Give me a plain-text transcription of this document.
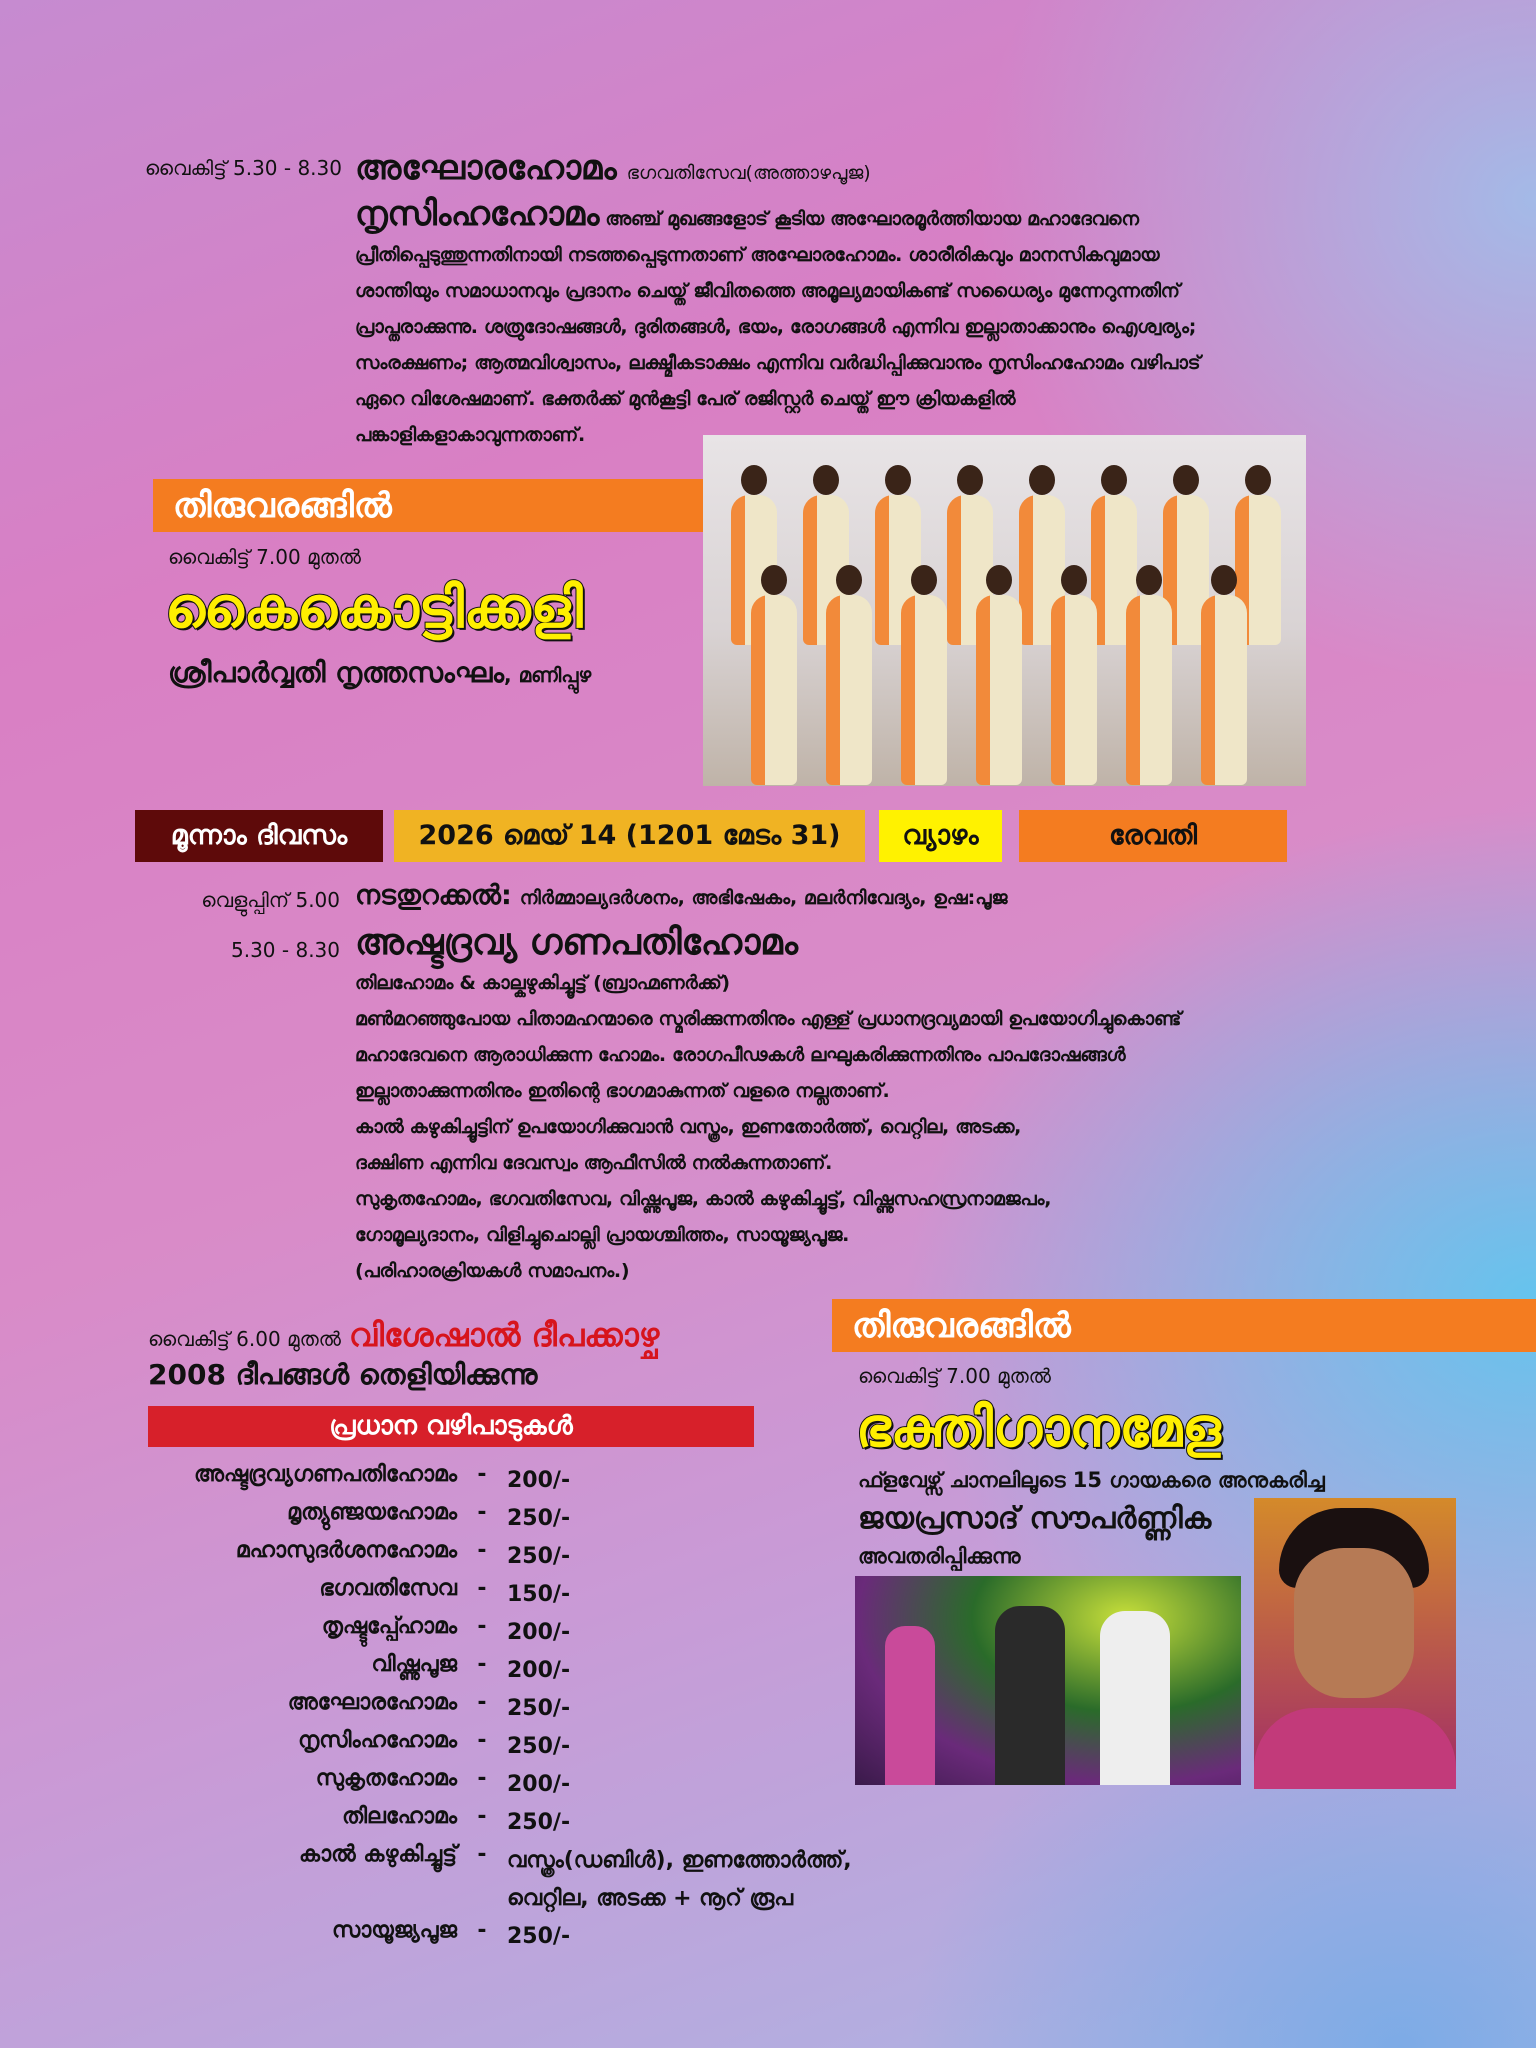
വൈകിട്ട് 5.30 - 8.30 അഘോരഹോമം ഭഗവതിസേവ(അത്താഴപൂജ)
നൃസിംഹഹോമം അഞ്ച് മുഖങ്ങളോട് കൂടിയ അഘോരമൂർത്തിയായ മഹാദേവനെ
പ്രീതിപ്പെടുത്തുന്നതിനായി നടത്തപ്പെടുന്നതാണ് അഘോരഹോമം. ശാരീരികവും മാനസികവുമായ
ശാന്തിയും സമാധാനവും പ്രദാനം ചെയ്ത് ജീവിതത്തെ അമൂല്യമായികണ്ട് സധൈര്യം മുന്നേറുന്നതിന്
പ്രാപ്തരാക്കുന്നു. ശത്രുദോഷങ്ങൾ, ദുരിതങ്ങൾ, ഭയം, രോഗങ്ങൾ എന്നിവ ഇല്ലാതാക്കാനും ഐശ്വര്യം;
സംരക്ഷണം; ആത്മവിശ്വാസം, ലക്ഷ്മീകടാക്ഷം എന്നിവ വർദ്ധിപ്പിക്കുവാനും നൃസിംഹഹോമം വഴിപാട്
ഏറെ വിശേഷമാണ്. ഭക്തർക്ക് മുൻകൂട്ടി പേര് രജിസ്റ്റർ ചെയ്ത് ഈ ക്രിയകളിൽ
പങ്കാളികളാകാവുന്നതാണ്.
തിരുവരങ്ങിൽ
വൈകിട്ട് 7.00 മുതൽ
കൈകൊട്ടിക്കളി
ശ്രീപാർവ്വതി നൃത്തസംഘം, മണിപ്പുഴ
മൂന്നാം ദിവസം	2026 മെയ് 14 (1201 മേടം 31)	വ്യാഴം	രേവതി
വെളുപ്പിന് 5.00 നടതുറക്കൽ: നിർമ്മാല്യദർശനം, അഭിഷേകം, മലർനിവേദ്യം, ഉഷ:പൂജ
5.30 - 8.30 അഷ്ടദ്രവ്യ ഗണപതിഹോമം
തിലഹോമം & കാല്കഴുകിച്ചൂട്ട് (ബ്രാഹ്മണർക്ക്)
മൺമറഞ്ഞുപോയ പിതാമഹന്മാരെ സ്മരിക്കുന്നതിനും എള്ള് പ്രധാനദ്രവ്യമായി ഉപയോഗിച്ചുകൊണ്ട്
മഹാദേവനെ ആരാധിക്കുന്ന ഹോമം. രോഗപീഢകൾ ലഘുകരിക്കുന്നതിനും പാപദോഷങ്ങൾ
ഇല്ലാതാക്കുന്നതിനും ഇതിന്റെ ഭാഗമാകുന്നത് വളരെ നല്ലതാണ്.
കാൽ കഴുകിച്ചൂട്ടിന് ഉപയോഗിക്കുവാൻ വസ്ത്രം, ഇണതോർത്ത്, വെറ്റില, അടക്ക,
ദക്ഷിണ എന്നിവ ദേവസ്വം ആഫീസിൽ നൽകുന്നതാണ്.
സുകൃതഹോമം, ഭഗവതിസേവ, വിഷ്ണുപൂജ, കാൽ കഴുകിച്ചൂട്ട്, വിഷ്ണുസഹസ്രനാമജപം,
ഗോമൂല്യദാനം, വിളിച്ചുചൊല്ലി പ്രായശ്ചിത്തം, സായൂജ്യപൂജ.
(പരിഹാരക്രിയകൾ സമാപനം.)
വൈകിട്ട് 6.00 മുതൽ വിശേഷാൽ ദീപക്കാഴ്ച
2008 ദീപങ്ങൾ തെളിയിക്കുന്നു
പ്രധാന വഴിപാടുകൾ
അഷ്ടദ്രവ്യഗണപതിഹോമം - 200/-
മൃത്യുഞ്ജയഹോമം - 250/-
മഹാസുദർശനഹോമം - 250/-
ഭഗവതിസേവ - 150/-
തൃഷ്ടുപ്പ്ഹോമം - 200/-
വിഷ്ണുപൂജ - 200/-
അഘോരഹോമം - 250/-
നൃസിംഹഹോമം - 250/-
സുകൃതഹോമം - 200/-
തിലഹോമം - 250/-
കാൽ കഴുകിച്ചൂട്ട് - വസ്ത്രം(ഡബിൾ), ഇണത്തോർത്ത്,
വെറ്റില, അടക്ക + നൂറ് രൂപ
സായൂജ്യപൂജ - 250/-
തിരുവരങ്ങിൽ
വൈകിട്ട് 7.00 മുതൽ
ഭക്തിഗാനമേള
ഫ്ളവേഴ്സ് ചാനലിലൂടെ 15 ഗായകരെ അനുകരിച്ച
ജയപ്രസാദ് സൗപർണ്ണിക
അവതരിപ്പിക്കുന്നു
